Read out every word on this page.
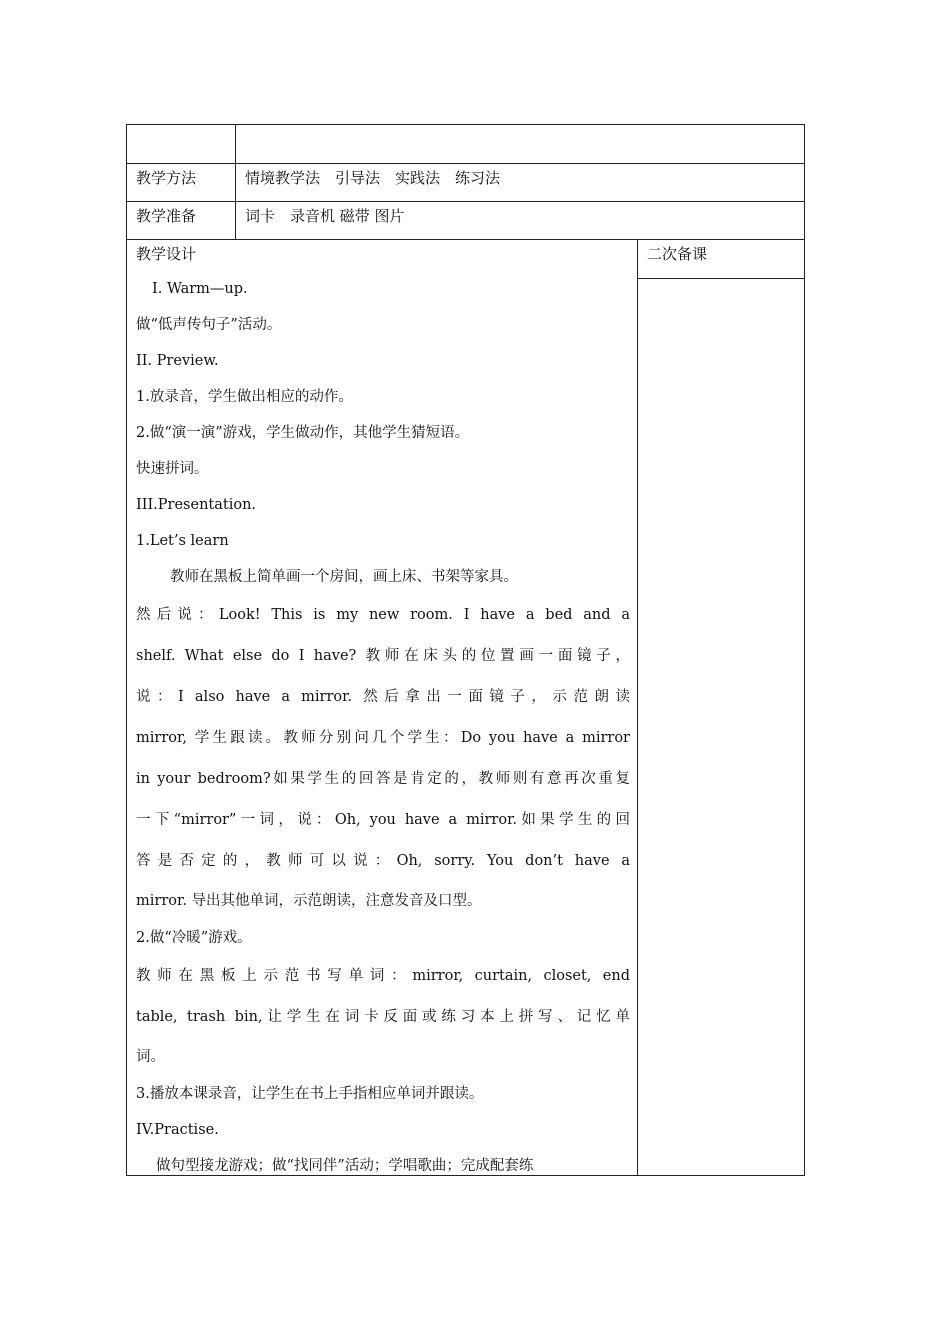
教学方法	情境教学法　引导法　实践法　练习法
教学准备	词卡　录音机 磁带 图片
教学设计	二次备课

I. Warm—up.

做“低声传句子”活动。

II. Preview.

1.放录音，学生做出相应的动作。

2.做“演一演”游戏，学生做动作，其他学生猜短语。

快速拼词。

III.Presentation.

1.Let’s learn

教师在黑板上简单画一个房间，画上床、书架等家具。

然后说：Look! This is my new room. I have a bed and a

shelf. What else do I have? 教师在床头的位置画一面镜子，

说：I also have a mirror. 然后拿出一面镜子，示范朗读

mirror, 学生跟读。教师分别问几个学生：Do you have a mirror

in your bedroom?如果学生的回答是肯定的，教师则有意再次重复

一下“mirror”一词，说：Oh, you have a mirror.如果学生的回

答是否定的，教师可以说：Oh, sorry. You don’t have a

mirror. 导出其他单词，示范朗读，注意发音及口型。

2.做“冷暖”游戏。

教师在黑板上示范书写单词：mirror, curtain, closet, end

table, trash bin,让学生在词卡反面或练习本上拼写、记忆单

词。

3.播放本课录音，让学生在书上手指相应单词并跟读。

IV.Practise.

做句型接龙游戏；做“找同伴”活动；学唱歌曲；完成配套练
